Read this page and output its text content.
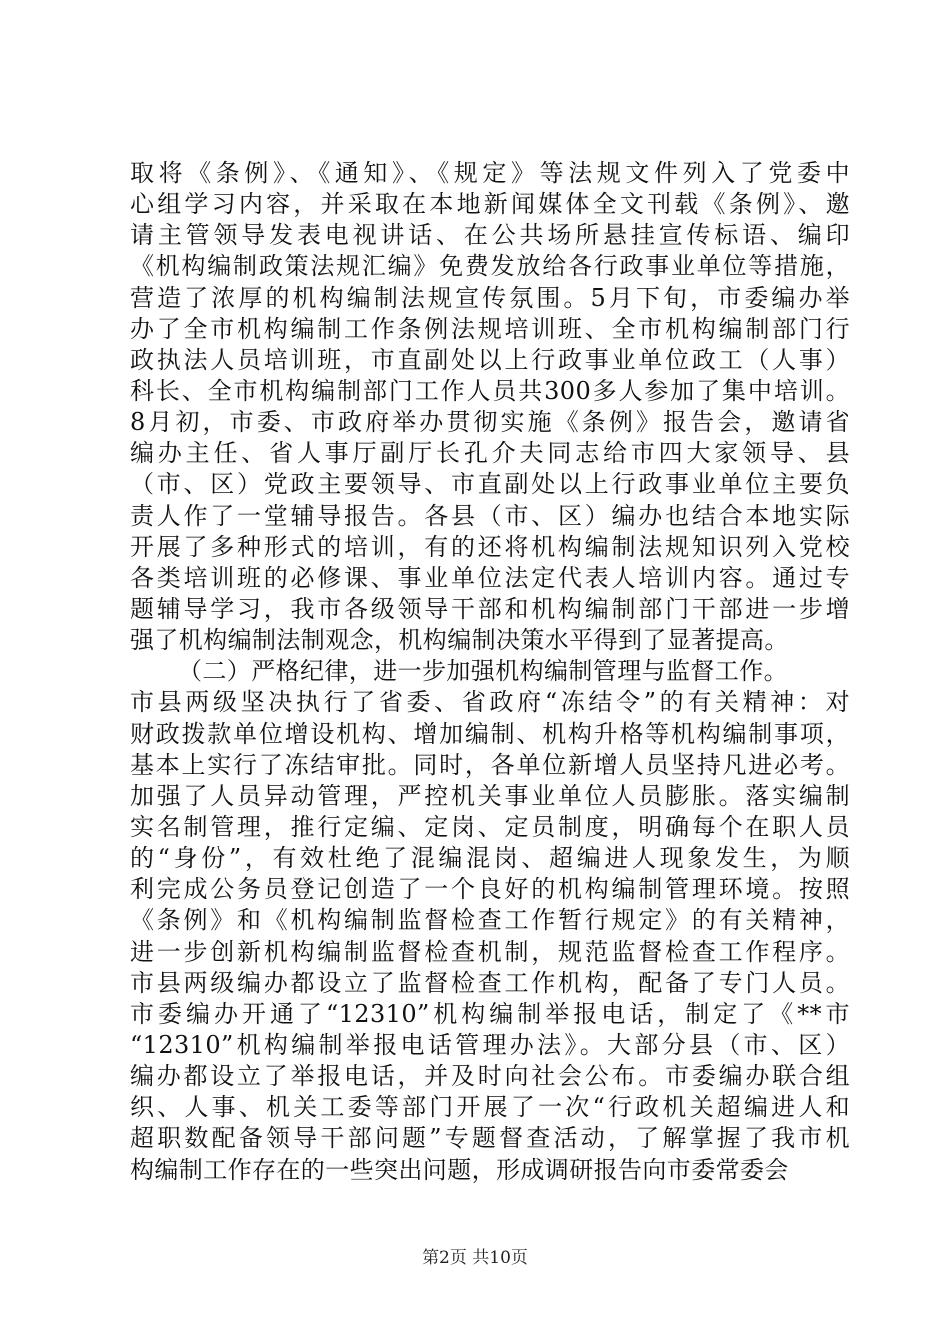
取将《条例》、《通知》、《规定》等法规文件列入了党委中
心组学习内容，并采取在本地新闻媒体全文刊载《条例》、邀
请主管领导发表电视讲话、在公共场所悬挂宣传标语、编印
《机构编制政策法规汇编》免费发放给各行政事业单位等措施，
营造了浓厚的机构编制法规宣传氛围。5月下旬，市委编办举
办了全市机构编制工作条例法规培训班、全市机构编制部门行
政执法人员培训班，市直副处以上行政事业单位政工（人事）
科长、全市机构编制部门工作人员共300多人参加了集中培训。
8月初，市委、市政府举办贯彻实施《条例》报告会，邀请省
编办主任、省人事厅副厅长孔介夫同志给市四大家领导、县
（市、区）党政主要领导、市直副处以上行政事业单位主要负
责人作了一堂辅导报告。各县（市、区）编办也结合本地实际
开展了多种形式的培训，有的还将机构编制法规知识列入党校
各类培训班的必修课、事业单位法定代表人培训内容。通过专
题辅导学习，我市各级领导干部和机构编制部门干部进一步增
强了机构编制法制观念，机构编制决策水平得到了显著提高。
（二）严格纪律，进一步加强机构编制管理与监督工作。
市县两级坚决执行了省委、省政府“冻结令”的有关精神：对
财政拨款单位增设机构、增加编制、机构升格等机构编制事项，
基本上实行了冻结审批。同时，各单位新增人员坚持凡进必考。
加强了人员异动管理，严控机关事业单位人员膨胀。落实编制
实名制管理，推行定编、定岗、定员制度，明确每个在职人员
的“身份”，有效杜绝了混编混岗、超编进人现象发生，为顺
利完成公务员登记创造了一个良好的机构编制管理环境。按照
《条例》和《机构编制监督检查工作暂行规定》的有关精神，
进一步创新机构编制监督检查机制，规范监督检查工作程序。
市县两级编办都设立了监督检查工作机构，配备了专门人员。
市委编办开通了“12310”机构编制举报电话，制定了《**市
“12310”机构编制举报电话管理办法》。大部分县（市、区）
编办都设立了举报电话，并及时向社会公布。市委编办联合组
织、人事、机关工委等部门开展了一次“行政机关超编进人和
超职数配备领导干部问题”专题督查活动，了解掌握了我市机
构编制工作存在的一些突出问题，形成调研报告向市委常委会
第2页 共10页
